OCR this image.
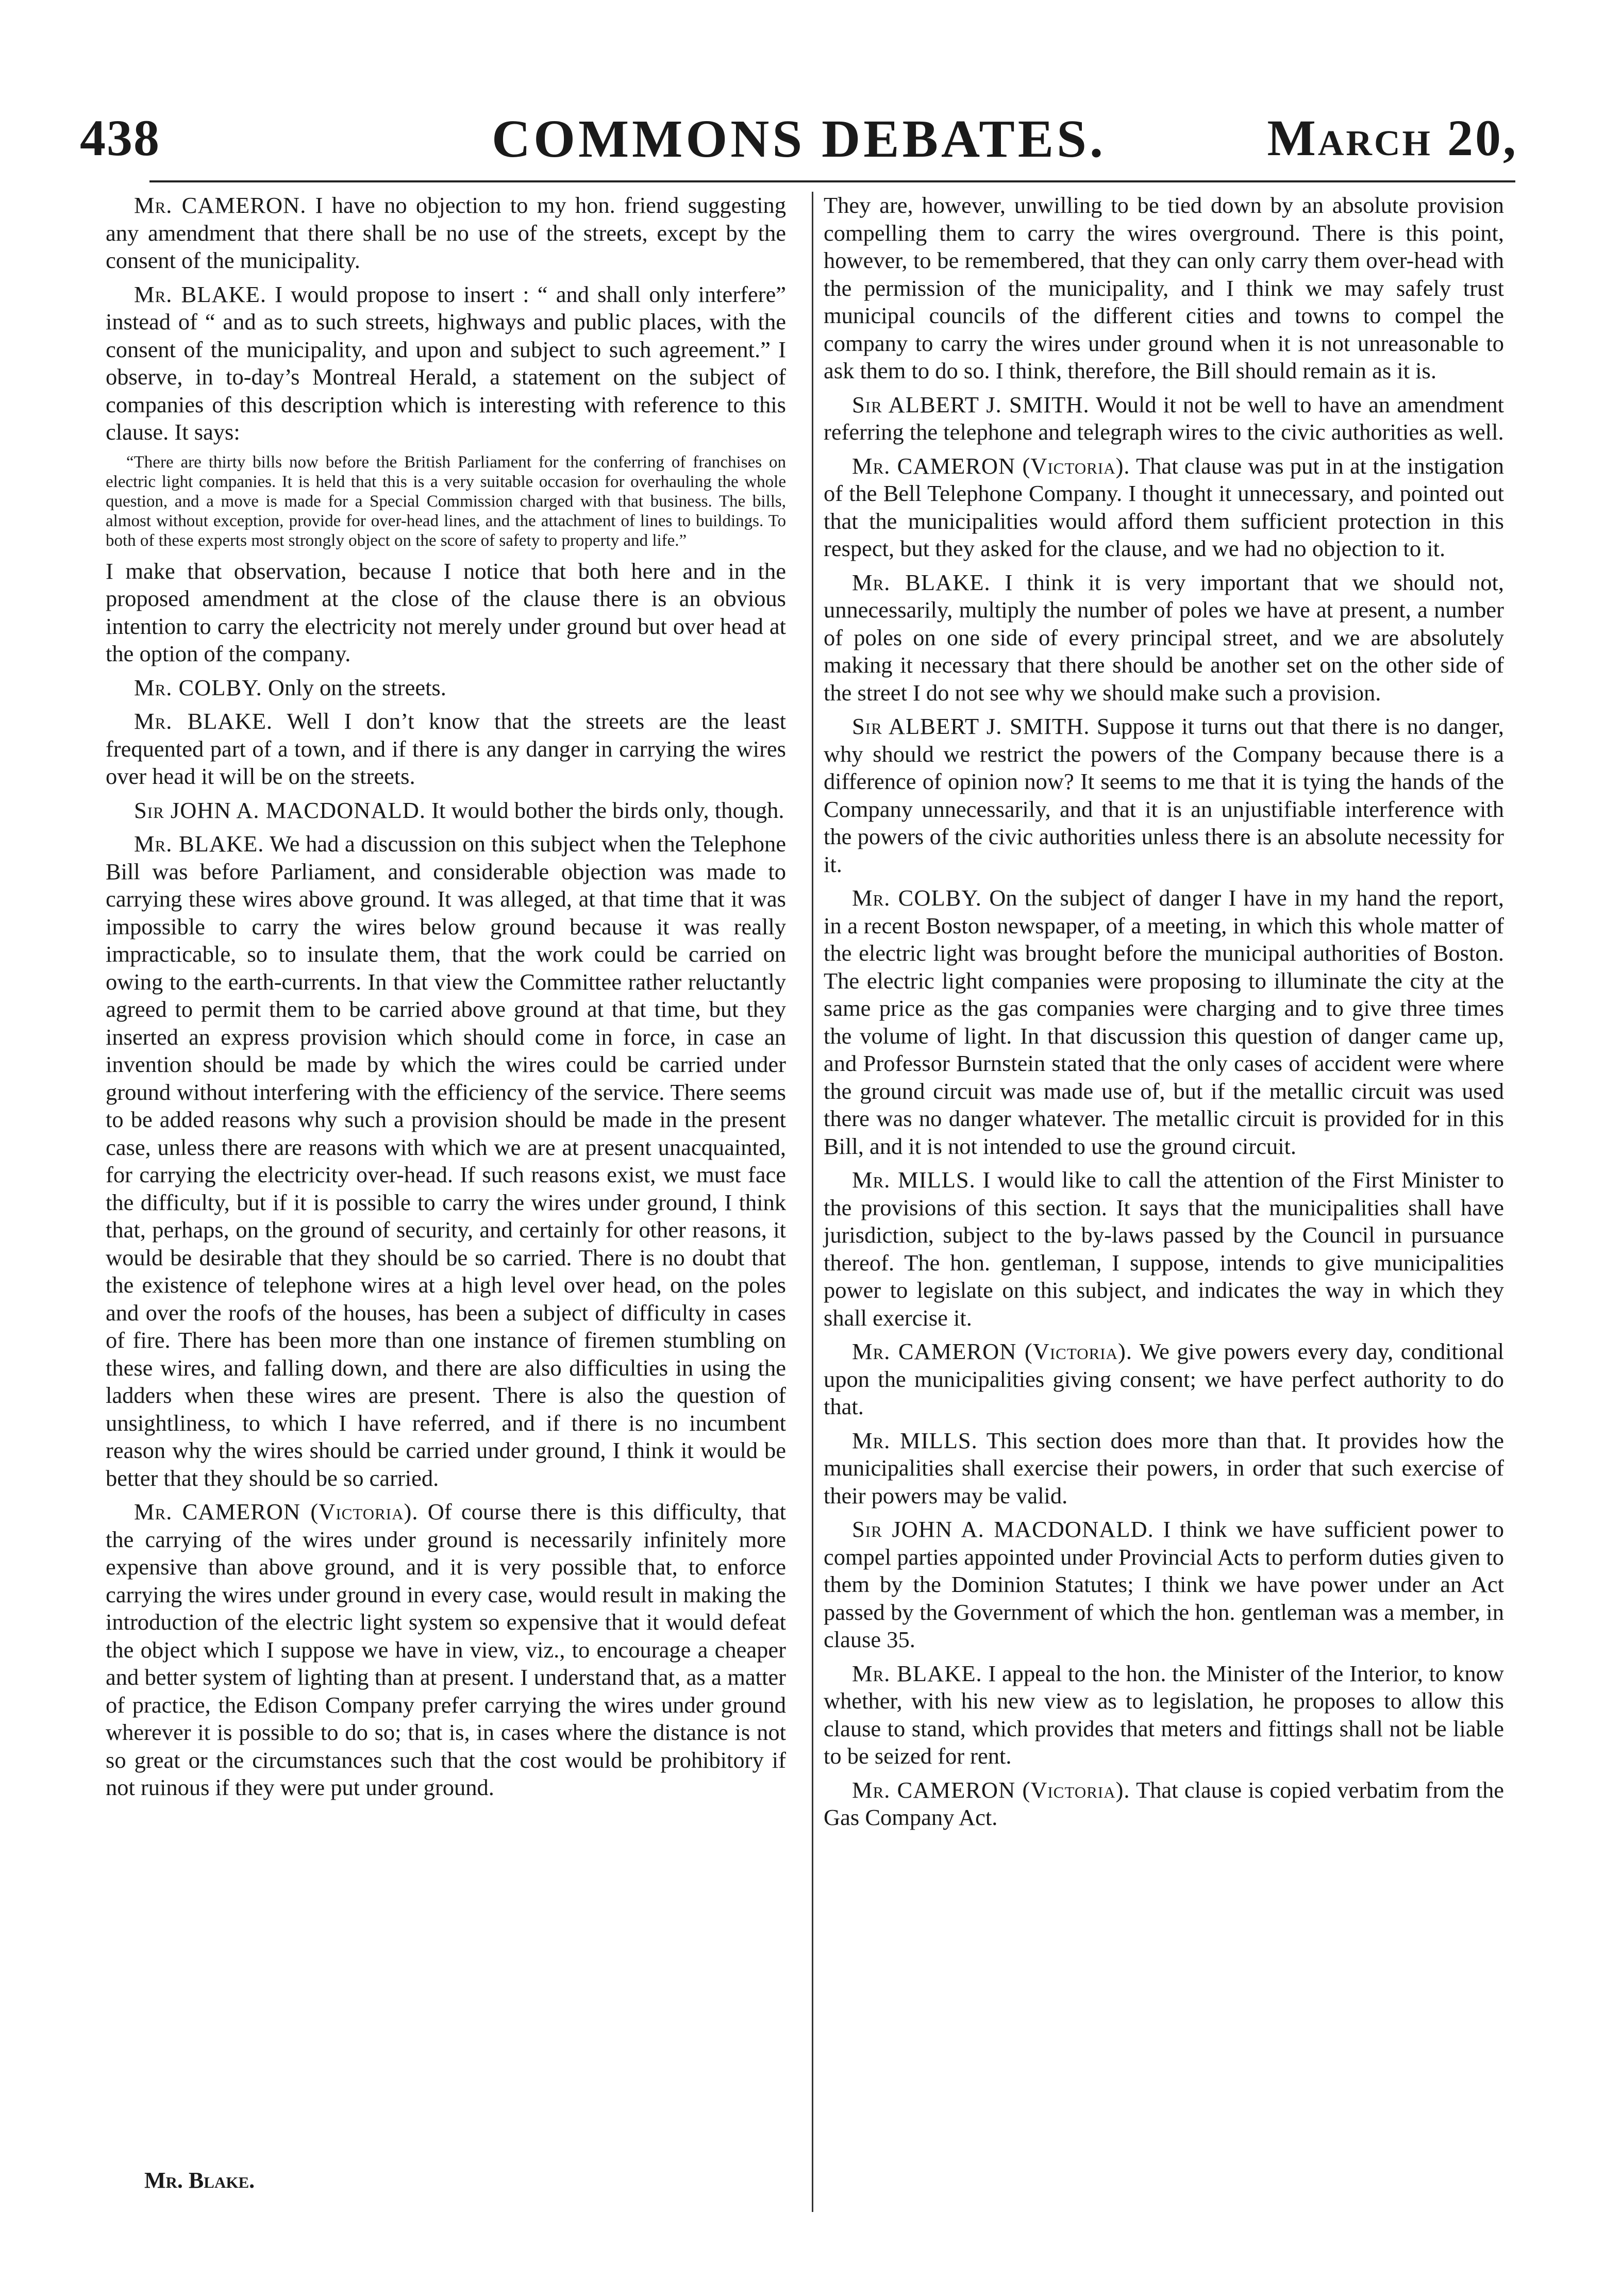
438	COMMONS DEBATES.	March 20,

Mr. CAMERON. I have no objection to my hon. friend suggesting any amendment that there shall be no use of the streets, except by the consent of the municipality.

Mr. BLAKE. I would propose to insert : “ and shall only interfere” instead of “ and as to such streets, highways and public places, with the consent of the municipality, and upon and subject to such agreement.” I observe, in to-day’s Montreal Herald, a statement on the subject of companies of this description which is interesting with reference to this clause. It says:

“There are thirty bills now before the British Parliament for the conferring of franchises on electric light companies. It is held that this is a very suitable occasion for overhauling the whole question, and a move is made for a Special Commission charged with that business. The bills, almost without exception, provide for over-head lines, and the attachment of lines to buildings. To both of these experts most strongly object on the score of safety to property and life.”

I make that observation, because I notice that both here and in the proposed amendment at the close of the clause there is an obvious intention to carry the electricity not merely under ground but over head at the option of the company.

Mr. COLBY. Only on the streets.

Mr. BLAKE. Well I don’t know that the streets are the least frequented part of a town, and if there is any danger in carrying the wires over head it will be on the streets.

Sir JOHN A. MACDONALD. It would bother the birds only, though.

Mr. BLAKE. We had a discussion on this subject when the Telephone Bill was before Parliament, and considerable objection was made to carrying these wires above ground. It was alleged, at that time that it was impossible to carry the wires below ground because it was really impracticable, so to insulate them, that the work could be carried on owing to the earth-currents. In that view the Committee rather reluctantly agreed to permit them to be carried above ground at that time, but they inserted an express provision which should come in force, in case an invention should be made by which the wires could be carried under ground without interfering with the efficiency of the service. There seems to be added reasons why such a provision should be made in the present case, unless there are reasons with which we are at present unacquainted, for carrying the electricity over-head. If such reasons exist, we must face the difficulty, but if it is possible to carry the wires under ground, I think that, perhaps, on the ground of security, and certainly for other reasons, it would be desirable that they should be so carried. There is no doubt that the existence of telephone wires at a high level over head, on the poles and over the roofs of the houses, has been a subject of difficulty in cases of fire. There has been more than one instance of firemen stumbling on these wires, and falling down, and there are also difficulties in using the ladders when these wires are present. There is also the question of unsightliness, to which I have referred, and if there is no incumbent reason why the wires should be carried under ground, I think it would be better that they should be so carried.

Mr. CAMERON (Victoria). Of course there is this difficulty, that the carrying of the wires under ground is necessarily infinitely more expensive than above ground, and it is very possible that, to enforce carrying the wires under ground in every case, would result in making the introduction of the electric light system so expensive that it would defeat the object which I suppose we have in view, viz., to encourage a cheaper and better system of lighting than at present. I understand that, as a matter of practice, the Edison Company prefer carrying the wires under ground wherever it is possible to do so; that is, in cases where the distance is not so great or the circumstances such that the cost would be prohibitory if not ruinous if they were put under ground.

They are, however, unwilling to be tied down by an absolute provision compelling them to carry the wires overground. There is this point, however, to be remembered, that they can only carry them over-head with the permission of the municipality, and I think we may safely trust municipal councils of the different cities and towns to compel the company to carry the wires under ground when it is not unreasonable to ask them to do so. I think, therefore, the Bill should remain as it is.

Sir ALBERT J. SMITH. Would it not be well to have an amendment referring the telephone and telegraph wires to the civic authorities as well.

Mr. CAMERON (Victoria). That clause was put in at the instigation of the Bell Telephone Company. I thought it unnecessary, and pointed out that the municipalities would afford them sufficient protection in this respect, but they asked for the clause, and we had no objection to it.

Mr. BLAKE. I think it is very important that we should not, unnecessarily, multiply the number of poles we have at present, a number of poles on one side of every principal street, and we are absolutely making it necessary that there should be another set on the other side of the street I do not see why we should make such a provision.

Sir ALBERT J. SMITH. Suppose it turns out that there is no danger, why should we restrict the powers of the Company because there is a difference of opinion now? It seems to me that it is tying the hands of the Company unnecessarily, and that it is an unjustifiable interference with the powers of the civic authorities unless there is an absolute necessity for it.

Mr. COLBY. On the subject of danger I have in my hand the report, in a recent Boston newspaper, of a meeting, in which this whole matter of the electric light was brought before the municipal authorities of Boston. The electric light companies were proposing to illuminate the city at the same price as the gas companies were charging and to give three times the volume of light. In that discussion this question of danger came up, and Professor Burnstein stated that the only cases of accident were where the ground circuit was made use of, but if the metallic circuit was used there was no danger whatever. The metallic circuit is provided for in this Bill, and it is not intended to use the ground circuit.

Mr. MILLS. I would like to call the attention of the First Minister to the provisions of this section. It says that the municipalities shall have jurisdiction, subject to the by-laws passed by the Council in pursuance thereof. The hon. gentleman, I suppose, intends to give municipalities power to legislate on this subject, and indicates the way in which they shall exercise it.

Mr. CAMERON (Victoria). We give powers every day, conditional upon the municipalities giving consent; we have perfect authority to do that.

Mr. MILLS. This section does more than that. It provides how the municipalities shall exercise their powers, in order that such exercise of their powers may be valid.

Sir JOHN A. MACDONALD. I think we have sufficient power to compel parties appointed under Provincial Acts to perform duties given to them by the Dominion Statutes; I think we have power under an Act passed by the Government of which the hon. gentleman was a member, in clause 35.

Mr. BLAKE. I appeal to the hon. the Minister of the Interior, to know whether, with his new view as to legislation, he proposes to allow this clause to stand, which provides that meters and fittings shall not be liable to be seized for rent.

Mr. CAMERON (Victoria). That clause is copied verbatim from the Gas Company Act.

Mr. Blake.
